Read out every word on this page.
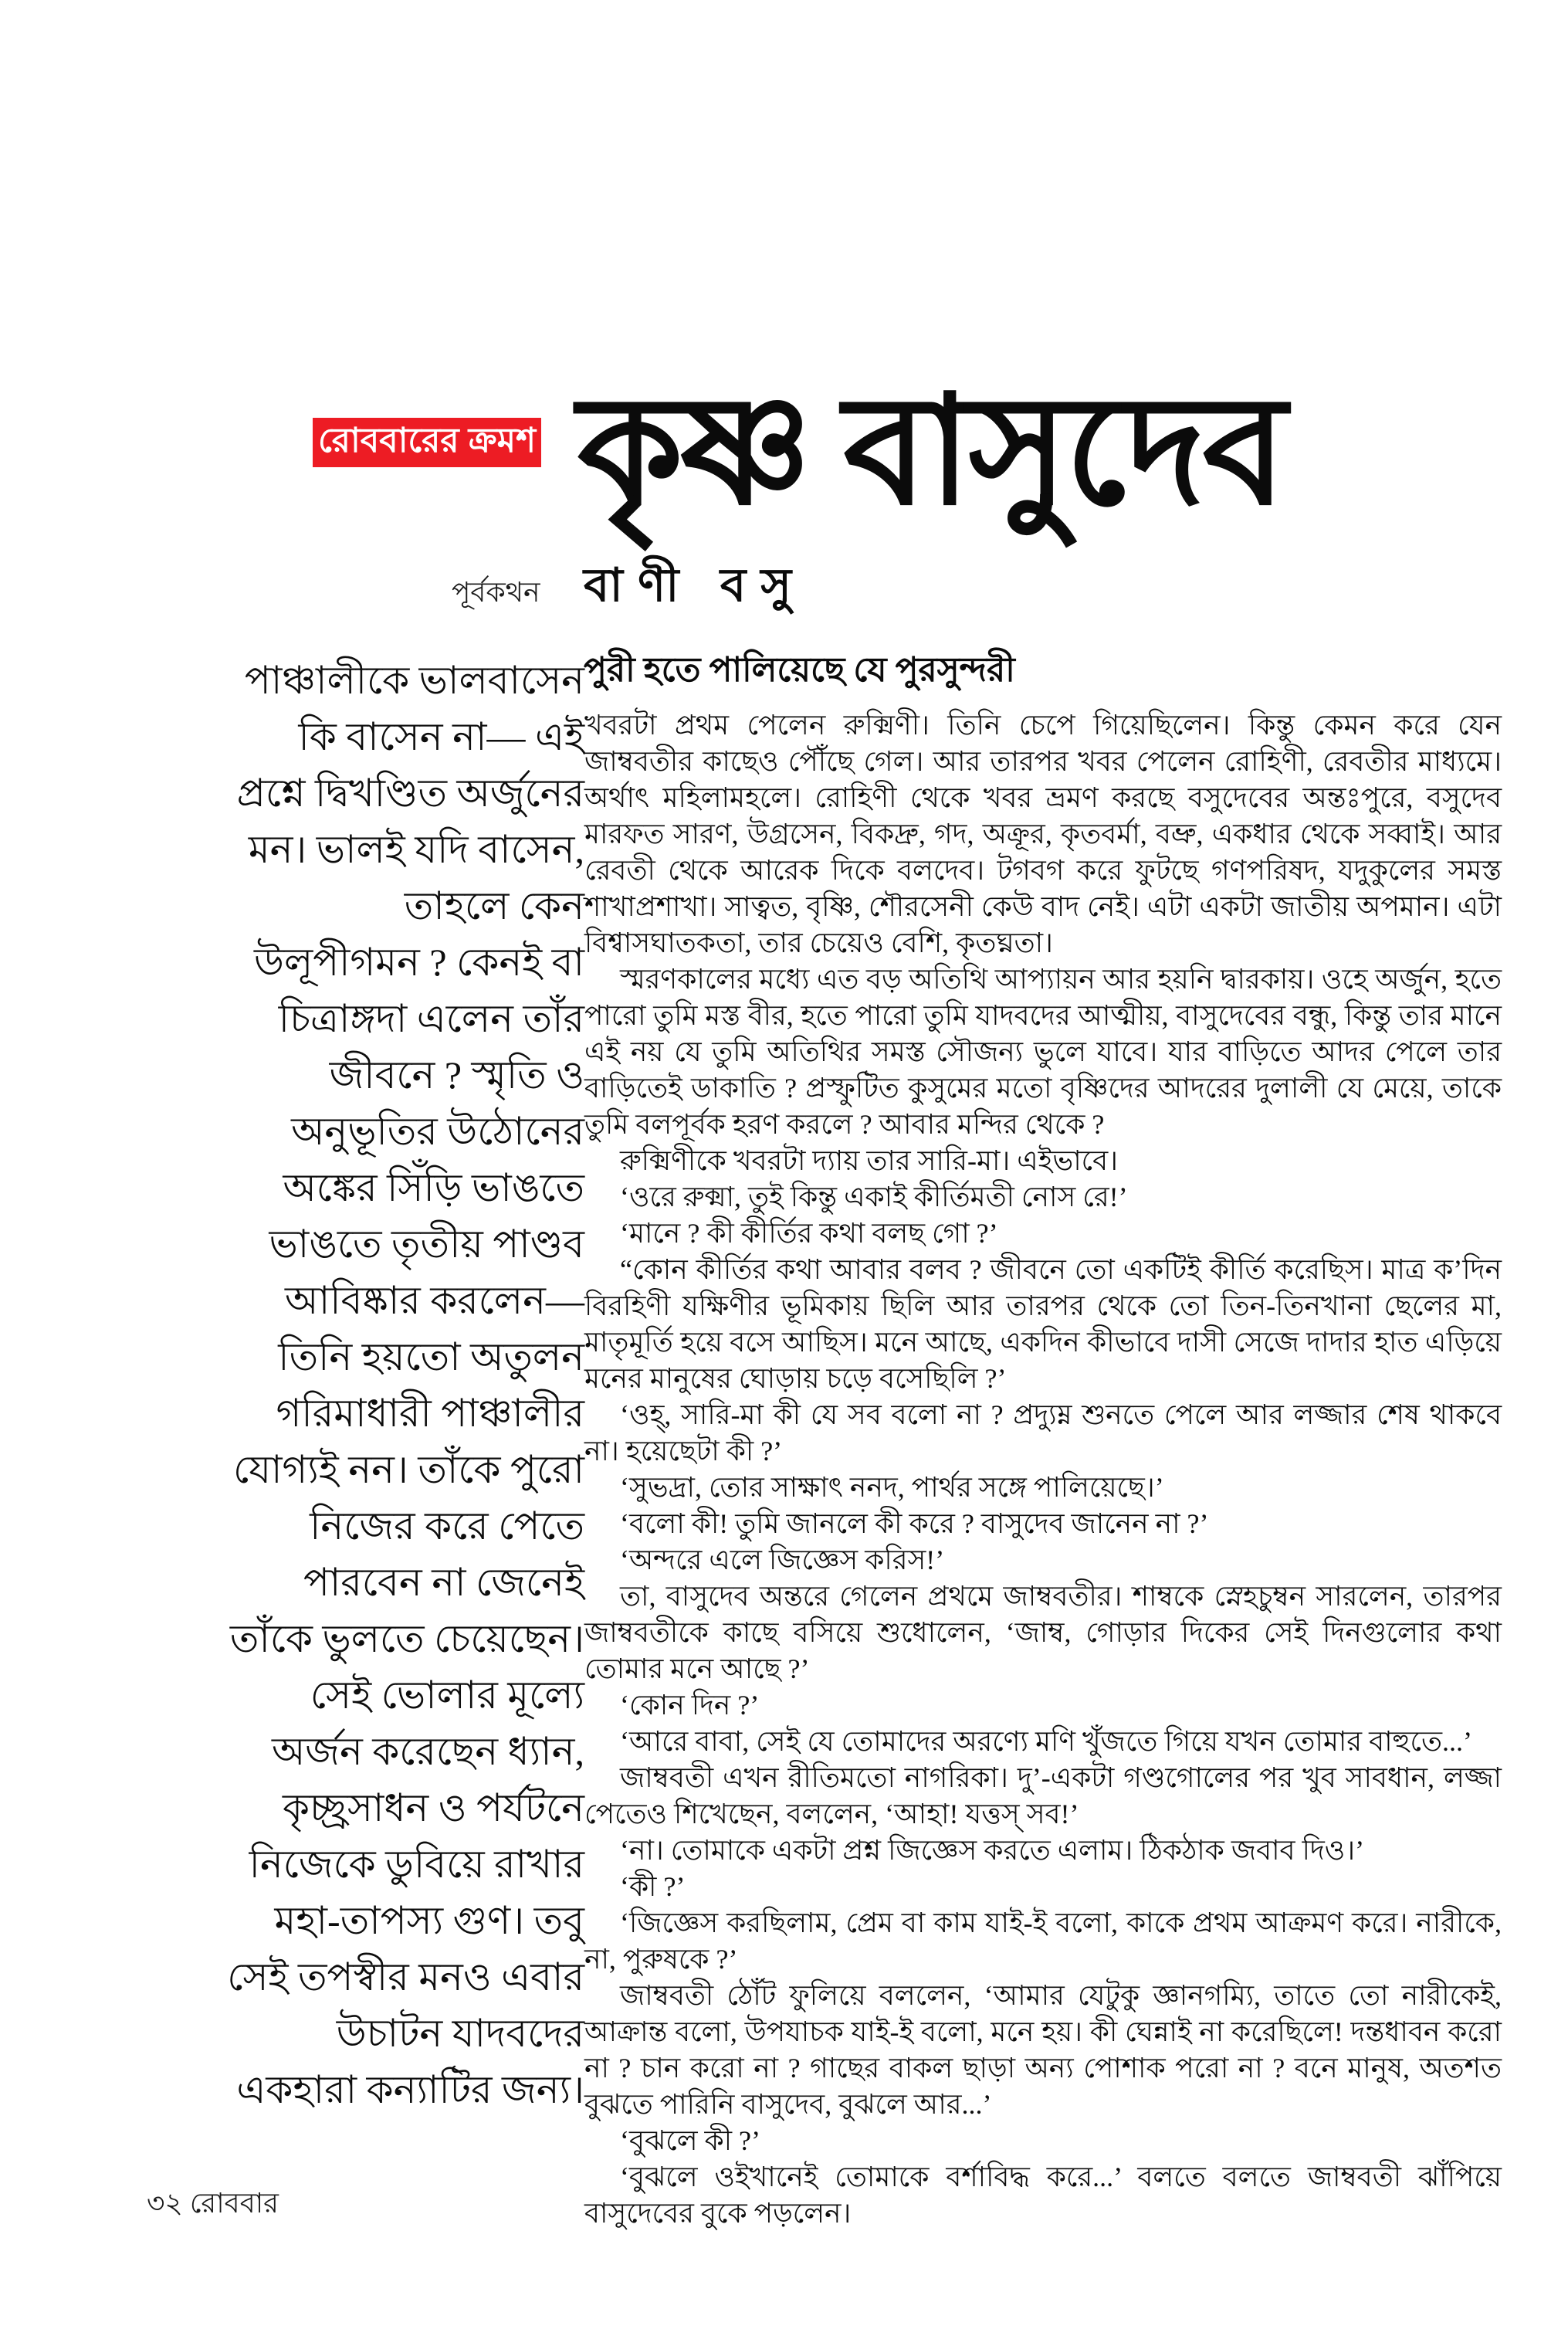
রোববারের ক্রমশ কৃষ্ণ বাসুদেব
পূর্বকথন বাণী বসু
পুরী হতে পালিয়েছে যে পুরসুন্দরী
পাঞ্চালীকে ভালবাসেন
কি বাসেন না— এই
প্রশ্নে দ্বিখণ্ডিত অর্জুনের
মন। ভালই যদি বাসেন,
তাহলে কেন
উলূপীগমন ? কেনই বা
চিত্রাঙ্গদা এলেন তাঁর
জীবনে ? স্মৃতি ও
অনুভূতির উঠোনের
অঙ্কের সিঁড়ি ভাঙতে
ভাঙতে তৃতীয় পাণ্ডব
আবিষ্কার করলেন—
তিনি হয়তো অতুলন
গরিমাধারী পাঞ্চালীর
যোগ্যই নন। তাঁকে পুরো
নিজের করে পেতে
পারবেন না জেনেই
তাঁকে ভুলতে চেয়েছেন।
সেই ভোলার মূল্যে
অর্জন করেছেন ধ্যান,
কৃচ্ছ্রসাধন ও পর্যটনে
নিজেকে ডুবিয়ে রাখার
মহা-তাপস্য গুণ। তবু
সেই তপস্বীর মনও এবার
উচাটন যাদবদের
একহারা কন্যাটির জন্য।

খবরটা প্রথম পেলেন রুক্মিণী। তিনি চেপে গিয়েছিলেন। কিন্তু কেমন করে যেন জাম্ববতীর কাছেও পৌঁছে গেল। আর তারপর খবর পেলেন রোহিণী, রেবতীর মাধ্যমে। অর্থাৎ মহিলামহলে। রোহিণী থেকে খবর ভ্রমণ করছে বসুদেবের অন্তঃপুরে, বসুদেব মারফত সারণ, উগ্রসেন, বিকদ্রু, গদ, অক্রূর, কৃতবর্মা, বভ্রু, একধার থেকে সব্বাই। আর রেবতী থেকে আরেক দিকে বলদেব। টগবগ করে ফুটছে গণপরিষদ, যদুকুলের সমস্ত শাখাপ্রশাখা। সাত্বত, বৃষ্ণি, শৌরসেনী কেউ বাদ নেই। এটা একটা জাতীয় অপমান। এটা বিশ্বাসঘাতকতা, তার চেয়েও বেশি, কৃতঘ্নতা।

স্মরণকালের মধ্যে এত বড় অতিথি আপ্যায়ন আর হয়নি দ্বারকায়। ওহে অর্জুন, হতে পারো তুমি মস্ত বীর, হতে পারো তুমি যাদবদের আত্মীয়, বাসুদেবের বন্ধু, কিন্তু তার মানে এই নয় যে তুমি অতিথির সমস্ত সৌজন্য ভুলে যাবে। যার বাড়িতে আদর পেলে তার বাড়িতেই ডাকাতি ? প্রস্ফুটিত কুসুমের মতো বৃষ্ণিদের আদরের দুলালী যে মেয়ে, তাকে তুমি বলপূর্বক হরণ করলে ? আবার মন্দির থেকে ?

রুক্মিণীকে খবরটা দ্যায় তার সারি-মা। এইভাবে।

‘ওরে রুক্মা, তুই কিন্তু একাই কীর্তিমতী নোস রে!’

‘মানে ? কী কীর্তির কথা বলছ গো ?’

“কোন কীর্তির কথা আবার বলব ? জীবনে তো একটিই কীর্তি করেছিস। মাত্র ক’দিন বিরহিণী যক্ষিণীর ভূমিকায় ছিলি আর তারপর থেকে তো তিন-তিনখানা ছেলের মা, মাতৃমূর্তি হয়ে বসে আছিস। মনে আছে, একদিন কীভাবে দাসী সেজে দাদার হাত এড়িয়ে মনের মানুষের ঘোড়ায় চড়ে বসেছিলি ?’

‘ওহ্, সারি-মা কী যে সব বলো না ? প্রদ্যুম্ন শুনতে পেলে আর লজ্জার শেষ থাকবে না। হয়েছেটা কী ?’

‘সুভদ্রা, তোর সাক্ষাৎ ননদ, পার্থর সঙ্গে পালিয়েছে।’

‘বলো কী! তুমি জানলে কী করে ? বাসুদেব জানেন না ?’

‘অন্দরে এলে জিজ্ঞেস করিস!’

তা, বাসুদেব অন্তরে গেলেন প্রথমে জাম্ববতীর। শাম্বকে স্নেহচুম্বন সারলেন, তারপর জাম্ববতীকে কাছে বসিয়ে শুধোলেন, ‘জাম্ব, গোড়ার দিকের সেই দিনগুলোর কথা তোমার মনে আছে ?’

‘কোন দিন ?’

‘আরে বাবা, সেই যে তোমাদের অরণ্যে মণি খুঁজতে গিয়ে যখন তোমার বাহুতে...’

জাম্ববতী এখন রীতিমতো নাগরিকা। দু’-একটা গণ্ডগোলের পর খুব সাবধান, লজ্জা পেতেও শিখেছেন, বললেন, ‘আহা! যত্তস্ সব!’

‘না। তোমাকে একটা প্রশ্ন জিজ্ঞেস করতে এলাম। ঠিকঠাক জবাব দিও।’

‘কী ?’

‘জিজ্ঞেস করছিলাম, প্রেম বা কাম যাই-ই বলো, কাকে প্রথম আক্রমণ করে। নারীকে, না, পুরুষকে ?’

জাম্ববতী ঠোঁট ফুলিয়ে বললেন, ‘আমার যেটুকু জ্ঞানগম্যি, তাতে তো নারীকেই, আক্রান্ত বলো, উপযাচক যাই-ই বলো, মনে হয়। কী ঘেন্নাই না করেছিলে! দন্তধাবন করো না ? চান করো না ? গাছের বাকল ছাড়া অন্য পোশাক পরো না ? বনে মানুষ, অতশত বুঝতে পারিনি বাসুদেব, বুঝলে আর...’

‘বুঝলে কী ?’

‘বুঝলে ওইখানেই তোমাকে বর্শাবিদ্ধ করে...’ বলতে বলতে জাম্ববতী ঝাঁপিয়ে বাসুদেবের বুকে পড়লেন।

৩২ রোববার
